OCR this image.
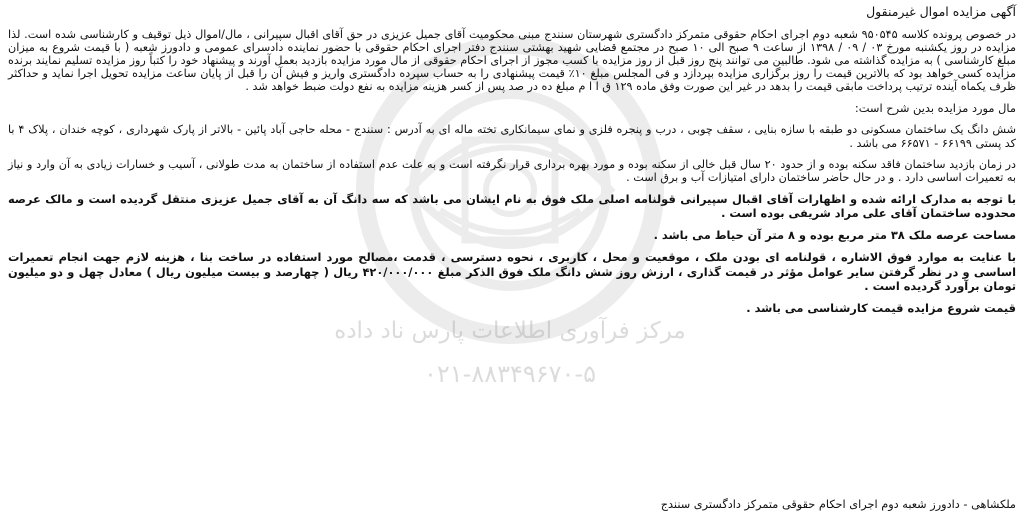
مرکز فرآوری اطلاعات پارس ناد داده
۰۲۱-۸۸۳۴۹۶۷۰-۵
آگهی مزایده اموال غیرمنقول
در خصوص پرونده کلاسه ۹۵۰۵۴۵ شعبه دوم اجرای احکام حقوقی متمرکز دادگستری شهرستان سنندج مبنی محکومیت آقای جمیل عزیزی در حق آقای اقبال سپیرانی ، مال/اموال ذیل توقیف و کارشناسی شده است. لذا مزایده در روز یکشنبه مورخ ۰۳ / ۰۹ / ۱۳۹۸ از ساعت ۹ صبح الی ۱۰ صبح در مجتمع قضایی شهید بهشتی سنندج دفتر اجرای احکام حقوقی با حضور نماینده دادسرای عمومی و دادورز شعبه ( با قیمت شروع به میزان مبلغ کارشناسی ) به مزایده گذاشته می شود. طالبین می توانند پنج روز قبل از روز مزایده با کسب مجوز از اجرای احکام حقوقی از مال مورد مزایده بازدید بعمل آورند و پیشنهاد خود را کتباً روز مزایده تسلیم نمایند برنده مزایده کسی خواهد بود که بالاترین قیمت را روز برگزاری مزایده بپردازد و فی المجلس مبلغ ۱۰٪ قیمت پیشنهادی را به حساب سپرده دادگستری واریز و فیش آن را قبل از پایان ساعت مزایده تحویل اجرا نماید و حداکثر ظرف یکماه آینده ترتیب پرداخت مابقی قیمت را بدهد در غیر این صورت وفق ماده ۱۲۹ ق ا ا م مبلغ ده در صد پس از کسر هزینه مزایده به نفع دولت ضبط خواهد شد .
مال مورد مزایده بدین شرح است:
شش دانگ یک ساختمان مسکونی دو طبقه با سازه بنایی ، سقف چوبی ، درب و پنجره فلزی و نمای سیمانکاری تخته ماله ای به آدرس : سنندج - محله حاجی آباد پائین - بالاتر از پارک شهرداری ، کوچه خندان ، پلاک ۴ با کد پستی ۶۶۱۹۹ - ۶۶۵۷۱ می باشد .
در زمان بازدید ساختمان فاقد سکنه بوده و از حدود ۲۰ سال قبل خالی از سکنه بوده و مورد بهره برداری قرار نگرفته است و به علت عدم استفاده از ساختمان به مدت طولانی ، آسیب و خسارات زیادی به آن وارد و نیاز به تعمیرات اساسی دارد . و در حال حاضر ساختمان دارای امتیازات آب و برق است .
با توجه به مدارک ارائه شده و اظهارات آقای اقبال سپیرانی قولنامه اصلی ملک فوق به نام ایشان می باشد که سه دانگ آن به آقای جمیل عزیزی منتقل گردیده است و مالک عرصه محدوده ساختمان آقای علی مراد شریفی بوده است .
مساحت عرصه ملک ۳۸ متر مربع بوده و ۸ متر آن حیاط می باشد .
با عنایت به موارد فوق الاشاره ، قولنامه ای بودن ملک ، موقعیت و محل ، کاربری ، نحوه دسترسی ، قدمت ،مصالح مورد استفاده در ساخت بنا ، هزینه لازم جهت انجام تعمیرات اساسی و در نظر گرفتن سایر عوامل مؤثر در قیمت گذاری ، ارزش روز شش دانگ ملک فوق الذکر مبلغ ۴۲۰/۰۰۰/۰۰۰ ریال ( چهارصد و بیست میلیون ریال ) معادل چهل و دو میلیون تومان برآورد گردیده است .
قیمت شروع مزایده قیمت کارشناسی می باشد .
ملکشاهی - دادورز شعبه دوم اجرای احکام حقوقی متمرکز دادگستری سنندج
